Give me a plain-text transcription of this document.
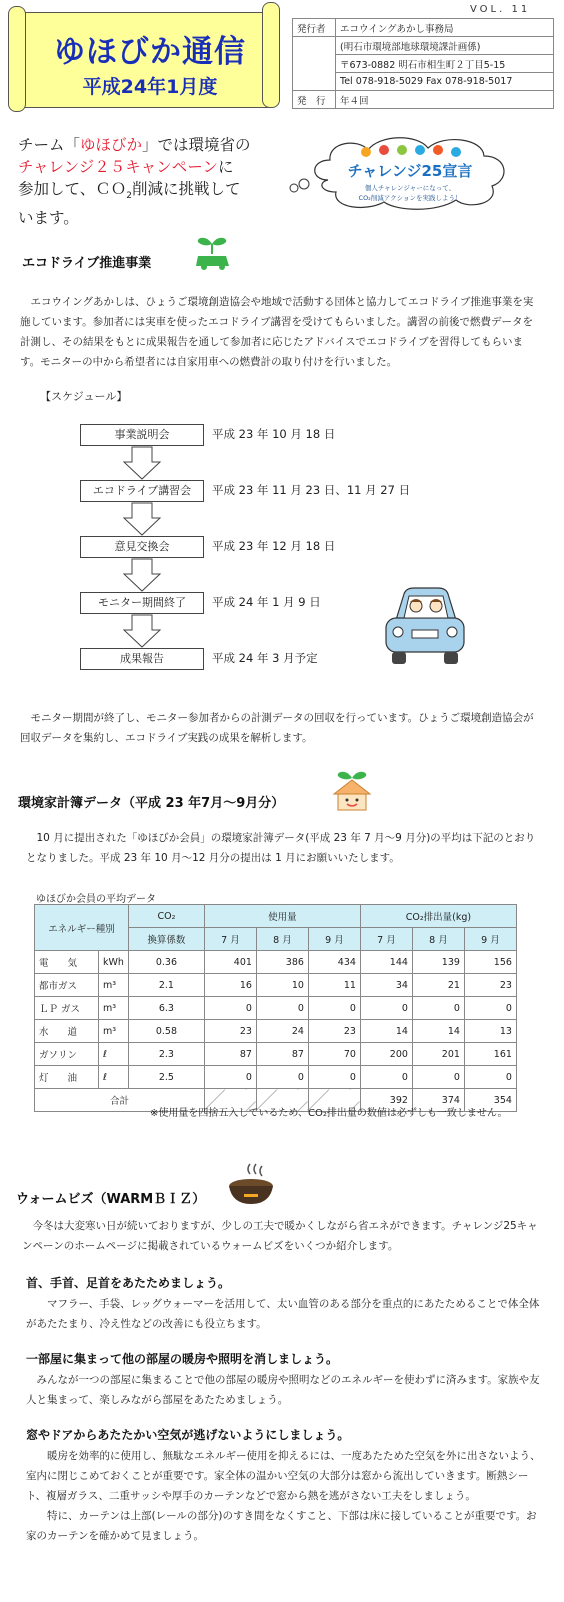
ゆほびか通信
平成24年1月度
VOL. 11
発行者	エコウイングあかし事務局
	(明石市環境部地球環境課計画係)
	〒673-0882 明石市相生町２丁目5-15
	Tel 078-918-5029 Fax 078-918-5017
発　行	年４回
チーム「ゆほびか」では環境省の
チャレンジ２５キャンペーンに
参加して、ＣＯ$_2$削減に挑戦して
います。
チャレンジ25宣言
個人チャレンジャーになって、
CO₂削減アクションを実践しよう！
エコドライブ推進事業
　エコウイングあかしは、ひょうご環境創造協会や地域で活動する団体と協力してエコドライブ推進事業を実施しています。参加者には実車を使ったエコドライブ講習を受けてもらいました。講習の前後で燃費データを計測し、その結果をもとに成果報告を通して参加者に応じたアドバイスでエコドライブを習得してもらいます。モニターの中から希望者には自家用車への燃費計の取り付けを行いました。
【スケジュール】
事業説明会	平成 23 年 10 月 18 日
エコドライブ講習会	平成 23 年 11 月 23 日、11 月 27 日
意見交換会	平成 23 年 12 月 18 日
モニター期間終了	平成 24 年 1 月 9 日
成果報告	平成 24 年 3 月予定
　モニター期間が終了し、モニター参加者からの計測データの回収を行っています。ひょうご環境創造協会が回収データを集約し、エコドライブ実践の成果を解析します。
環境家計簿データ（平成 23 年7月～9月分）
　10 月に提出された「ゆほびか会員」の環境家計簿データ(平成 23 年 7 月～9 月分)の平均は下記のとおりとなりました。平成 23 年 10 月～12 月分の提出は 1 月にお願いいたします。
ゆほびか会員の平均データ
エネルギー種別		CO₂	使用量			CO₂排出量(kg)		
		換算係数	7 月	8 月	9 月	7 月	8 月	9 月
電　　気	kWh	0.36	401	386	434	144	139	156
都市ガス	m³	2.1	16	10	11	34	21	23
ＬＰ ガス	m³	6.3	0	0	0	0	0	0
水　　道	m³	0.58	23	24	23	14	14	13
ガソリン	ℓ	2.3	87	87	70	200	201	161
灯　　油	ℓ	2.5	0	0	0	0	0	0
合計						392	374	354
※使用量を四捨五入しているため、CO₂排出量の数値は必ずしも一致しません。
ウォームビズ（WARMＢＩＺ）
　今冬は大変寒い日が続いておりますが、少しの工夫で暖かくしながら省エネができます。チャレンジ25キャンペーンのホームページに掲載されているウォームビズをいくつか紹介します。
首、手首、足首をあたためましょう。
　　マフラー、手袋、レッグウォーマーを活用して、太い血管のある部分を重点的にあたためることで体全体があたたまり、冷え性などの改善にも役立ちます。
一部屋に集まって他の部屋の暖房や照明を消しましょう。
　みんなが一つの部屋に集まることで他の部屋の暖房や照明などのエネルギーを使わずに済みます。家族や友人と集まって、楽しみながら部屋をあたためましょう。
窓やドアからあたたかい空気が逃げないようにしましょう。
　　暖房を効率的に使用し、無駄なエネルギー使用を抑えるには、一度あたためた空気を外に出さないよう、室内に閉じこめておくことが重要です。家全体の温かい空気の大部分は窓から流出していきます。断熱シート、複層ガラス、二重サッシや厚手のカーテンなどで窓から熱を逃がさない工夫をしましょう。
　　特に、カーテンは上部(レールの部分)のすき間をなくすこと、下部は床に接していることが重要です。お家のカーテンを確かめて見ましょう。
